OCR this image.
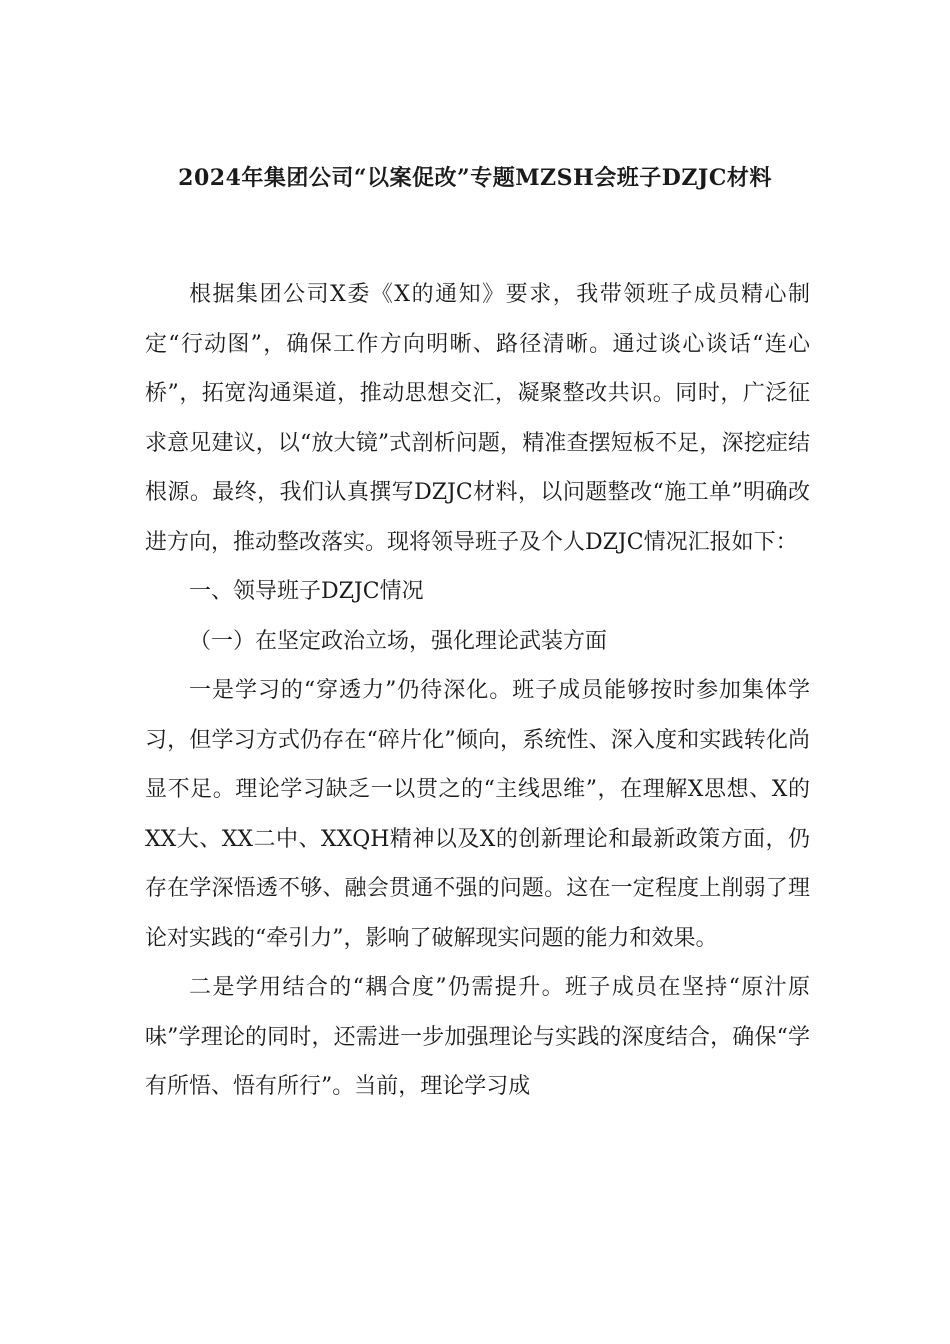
2024年集团公司“以案促改”专题MZSH会班子DZJC材料

根据集团公司X委《X的通知》要求，我带领班子成员精心制定“行动图”，确保工作方向明晰、路径清晰。通过谈心谈话“连心桥”，拓宽沟通渠道，推动思想交汇，凝聚整改共识。同时，广泛征求意见建议，以“放大镜”式剖析问题，精准查摆短板不足，深挖症结根源。最终，我们认真撰写DZJC材料，以问题整改“施工单”明确改进方向，推动整改落实。现将领导班子及个人DZJC情况汇报如下：

一、领导班子DZJC情况

（一）在坚定政治立场，强化理论武装方面

一是学习的“穿透力”仍待深化。班子成员能够按时参加集体学习，但学习方式仍存在“碎片化”倾向，系统性、深入度和实践转化尚显不足。理论学习缺乏一以贯之的“主线思维”，在理解X思想、X的XX大、XX二中、XXQH精神以及X的创新理论和最新政策方面，仍存在学深悟透不够、融会贯通不强的问题。这在一定程度上削弱了理论对实践的“牵引力”，影响了破解现实问题的能力和效果。

二是学用结合的“耦合度”仍需提升。班子成员在坚持“原汁原味”学理论的同时，还需进一步加强理论与实践的深度结合，确保“学有所悟、悟有所行”。当前，理论学习成
